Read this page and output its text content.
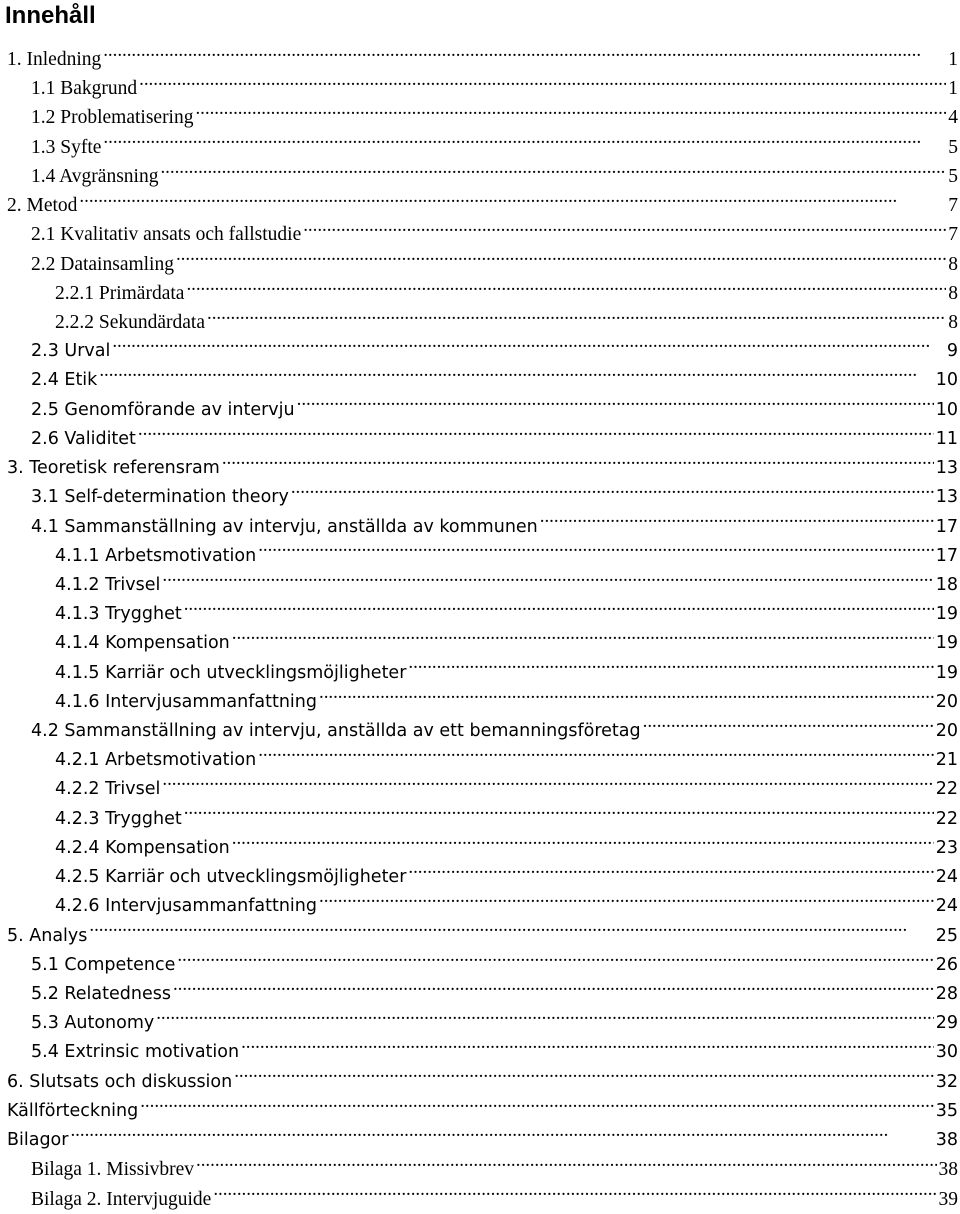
Innehåll
1. Inledning . . .	1
1.1 Bakgrund . . .	1
1.2 Problematisering . . .	4
1.3 Syfte . . .	5
1.4 Avgränsning . . .	5
2. Metod . . .	7
2.1 Kvalitativ ansats och fallstudie . . .	7
2.2 Datainsamling . . .	8
2.2.1 Primärdata . . .	8
2.2.2 Sekundärdata . . .	8
2.3 Urval . . .	9
2.4 Etik . . .	10
2.5 Genomförande av intervju . . .	10
2.6 Validitet . . .	11
3. Teoretisk referensram . . .	13
3.1 Self-determination theory . . .	13
4.1 Sammanställning av intervju, anställda av kommunen . . .	17
4.1.1 Arbetsmotivation . . .	17
4.1.2 Trivsel . . .	18
4.1.3 Trygghet . . .	19
4.1.4 Kompensation . . .	19
4.1.5 Karriär och utvecklingsmöjligheter . . .	19
4.1.6 Intervjusammanfattning . . .	20
4.2 Sammanställning av intervju, anställda av ett bemanningsföretag . . .	20
4.2.1 Arbetsmotivation . . .	21
4.2.2 Trivsel . . .	22
4.2.3 Trygghet . . .	22
4.2.4 Kompensation . . .	23
4.2.5 Karriär och utvecklingsmöjligheter . . .	24
4.2.6 Intervjusammanfattning . . .	24
5. Analys . . .	25
5.1 Competence . . .	26
5.2 Relatedness . . .	28
5.3 Autonomy . . .	29
5.4 Extrinsic motivation . . .	30
6. Slutsats och diskussion . . .	32
Källförteckning . . .	35
Bilagor . . .	38
Bilaga 1. Missivbrev . . .	38
Bilaga 2. Intervjuguide . . .	39
